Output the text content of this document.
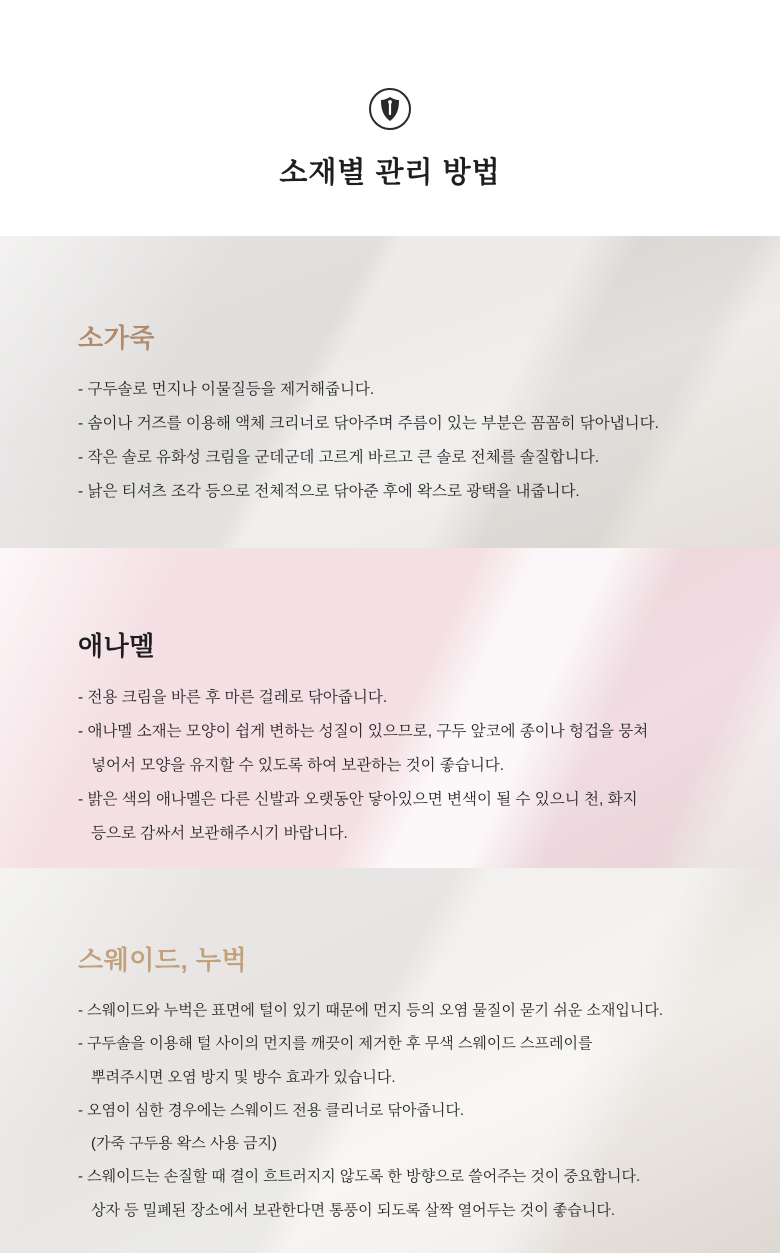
소재별 관리 방법
소가죽
- 구두솔로 먼지나 이물질등을 제거해줍니다.
- 솜이나 거즈를 이용해 액체 크리너로 닦아주며 주름이 있는 부분은 꼼꼼히 닦아냅니다.
- 작은 솔로 유화성 크림을 군데군데 고르게 바르고 큰 솔로 전체를 솔질합니다.
- 낡은 티셔츠 조각 등으로 전체적으로 닦아준 후에 왁스로 광택을 내줍니다.
애나멜
- 전용 크림을 바른 후 마른 걸레로 닦아줍니다.
- 애나멜 소재는 모양이 쉽게 변하는 성질이 있으므로, 구두 앞코에 종이나 헝겁을 뭉쳐
넣어서 모양을 유지할 수 있도록 하여 보관하는 것이 좋습니다.
- 밝은 색의 애나멜은 다른 신발과 오랫동안 닿아있으면 변색이 될 수 있으니 천, 화지
등으로 감싸서 보관해주시기 바랍니다.
스웨이드, 누벅
- 스웨이드와 누벅은 표면에 털이 있기 때문에 먼지 등의 오염 물질이 묻기 쉬운 소재입니다.
- 구두솔을 이용해 털 사이의 먼지를 깨끗이 제거한 후 무색 스웨이드 스프레이를
뿌려주시면 오염 방지 및 방수 효과가 있습니다.
- 오염이 심한 경우에는 스웨이드 전용 클리너로 닦아줍니다.
(가죽 구두용 왁스 사용 금지)
- 스웨이드는 손질할 때 결이 흐트러지지 않도록 한 방향으로 쓸어주는 것이 중요합니다.
상자 등 밀폐된 장소에서 보관한다면 통풍이 되도록 살짝 열어두는 것이 좋습니다.
